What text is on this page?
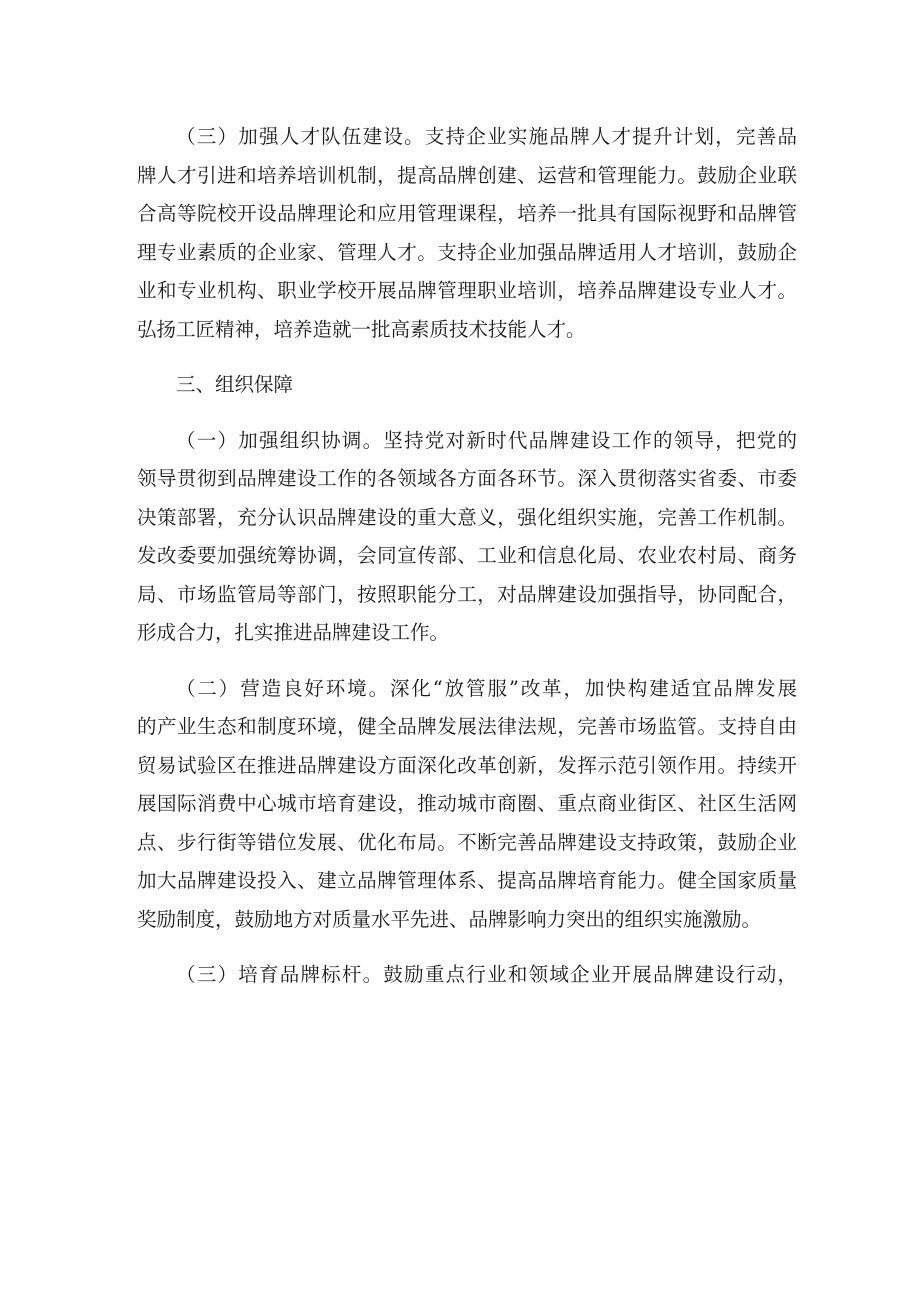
（三）加强人才队伍建设。支持企业实施品牌人才提升计划，完善品
牌人才引进和培养培训机制，提高品牌创建、运营和管理能力。鼓励企业联
合高等院校开设品牌理论和应用管理课程，培养一批具有国际视野和品牌管
理专业素质的企业家、管理人才。支持企业加强品牌适用人才培训，鼓励企
业和专业机构、职业学校开展品牌管理职业培训，培养品牌建设专业人才。
弘扬工匠精神，培养造就一批高素质技术技能人才。

三、组织保障

（一）加强组织协调。坚持党对新时代品牌建设工作的领导，把党的
领导贯彻到品牌建设工作的各领域各方面各环节。深入贯彻落实省委、市委
决策部署，充分认识品牌建设的重大意义，强化组织实施，完善工作机制。
发改委要加强统筹协调，会同宣传部、工业和信息化局、农业农村局、商务
局、市场监管局等部门，按照职能分工，对品牌建设加强指导，协同配合，
形成合力，扎实推进品牌建设工作。

（二）营造良好环境。深化“放管服”改革，加快构建适宜品牌发展
的产业生态和制度环境，健全品牌发展法律法规，完善市场监管。支持自由
贸易试验区在推进品牌建设方面深化改革创新，发挥示范引领作用。持续开
展国际消费中心城市培育建设，推动城市商圈、重点商业街区、社区生活网
点、步行街等错位发展、优化布局。不断完善品牌建设支持政策，鼓励企业
加大品牌建设投入、建立品牌管理体系、提高品牌培育能力。健全国家质量
奖励制度，鼓励地方对质量水平先进、品牌影响力突出的组织实施激励。

（三）培育品牌标杆。鼓励重点行业和领域企业开展品牌建设行动，
